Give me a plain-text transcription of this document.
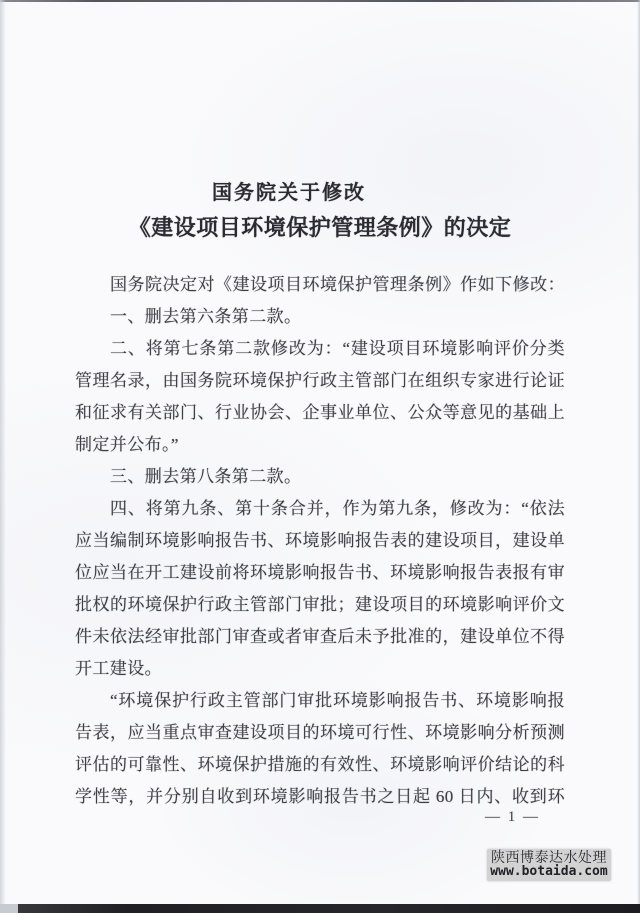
国务院关于修改
《建设项目环境保护管理条例》的决定
国务院决定对《建设项目环境保护管理条例》作如下修改：
一、删去第六条第二款。
二、将第七条第二款修改为：“建设项目环境影响评价分类
管理名录，由国务院环境保护行政主管部门在组织专家进行论证
和征求有关部门、行业协会、企事业单位、公众等意见的基础上
制定并公布。”
三、删去第八条第二款。
四、将第九条、第十条合并，作为第九条，修改为：“依法
应当编制环境影响报告书、环境影响报告表的建设项目，建设单
位应当在开工建设前将环境影响报告书、环境影响报告表报有审
批权的环境保护行政主管部门审批；建设项目的环境影响评价文
件未依法经审批部门审查或者审查后未予批准的，建设单位不得
开工建设。
“环境保护行政主管部门审批环境影响报告书、环境影响报
告表，应当重点审查建设项目的环境可行性、环境影响分析预测
评估的可靠性、环境保护措施的有效性、环境影响评价结论的科
学性等，并分别自收到环境影响报告书之日起 60 日内、收到环
— 1 —
陕西博泰达水处理
www.botaida.com
